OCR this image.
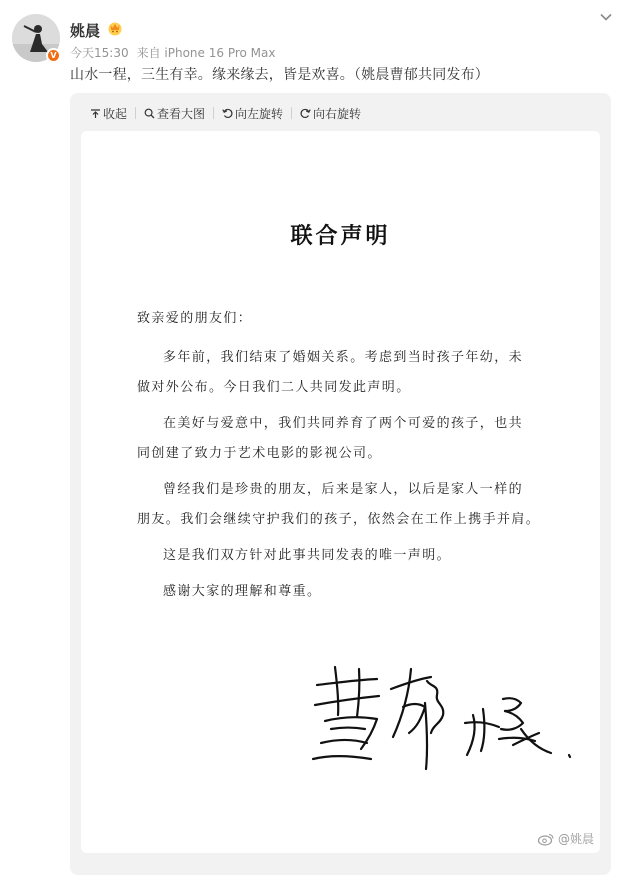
V
姚晨
今天15:30 来自 iPhone 16 Pro Max
山水一程，三生有幸。缘来缘去，皆是欢喜。（姚晨曹郁共同发布）
收起	查看大图	向左旋转	向右旋转
联合声明
致亲爱的朋友们：
多年前，我们结束了婚姻关系。考虑到当时孩子年幼，未
做对外公布。今日我们二人共同发此声明。
在美好与爱意中，我们共同养育了两个可爱的孩子，也共
同创建了致力于艺术电影的影视公司。
曾经我们是珍贵的朋友，后来是家人，以后是家人一样的
朋友。我们会继续守护我们的孩子，依然会在工作上携手并肩。
这是我们双方针对此事共同发表的唯一声明。
感谢大家的理解和尊重。
@姚晨
